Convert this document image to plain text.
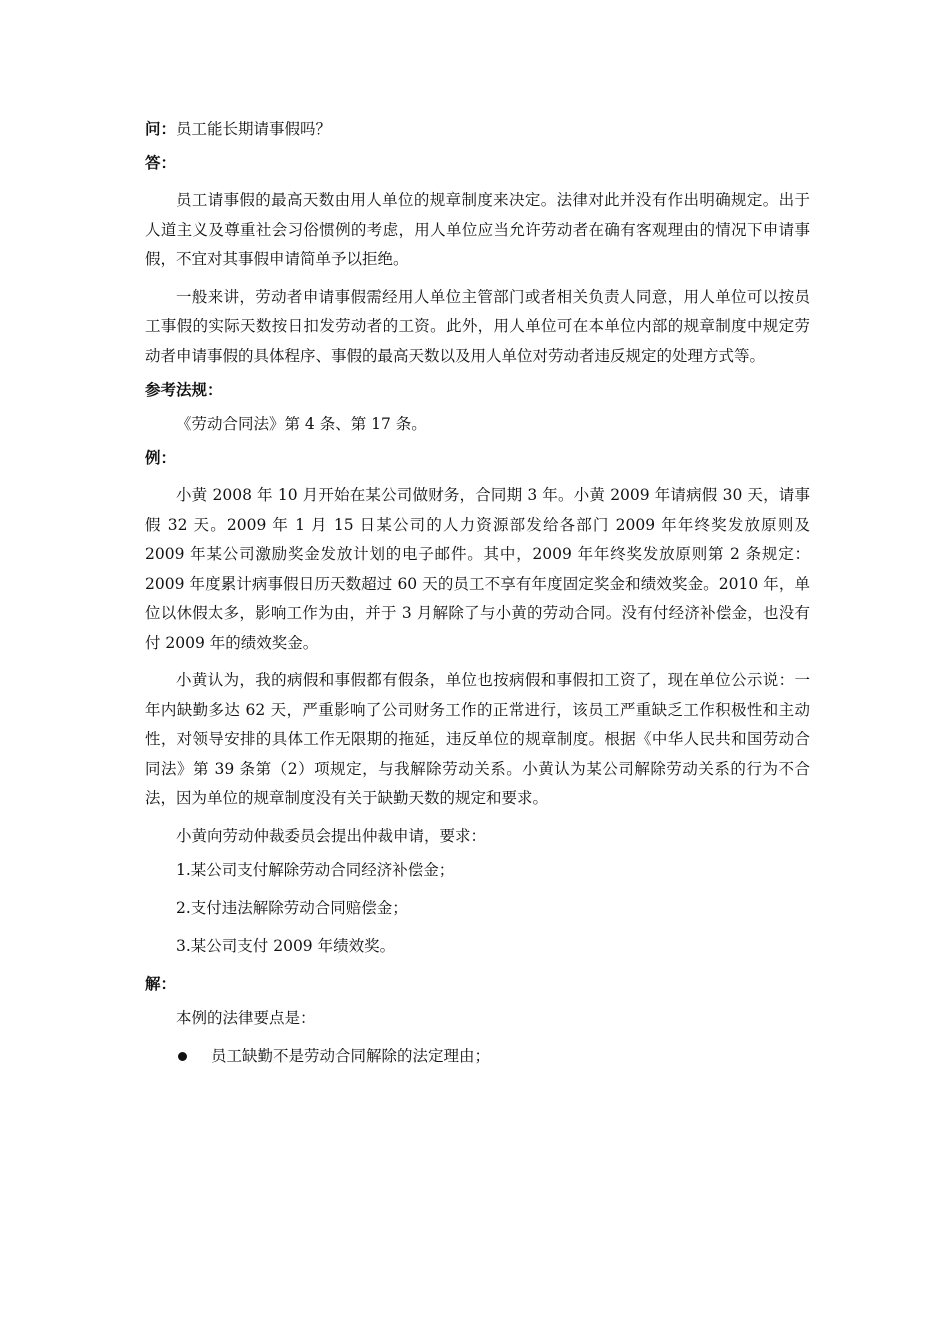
问：员工能长期请事假吗？
答：

员工请事假的最高天数由用人单位的规章制度来决定。法律对此并没有作出明确规定。出于人道主义及尊重社会习俗惯例的考虑，用人单位应当允许劳动者在确有客观理由的情况下申请事假，不宜对其事假申请简单予以拒绝。

一般来讲，劳动者申请事假需经用人单位主管部门或者相关负责人同意，用人单位可以按员工事假的实际天数按日扣发劳动者的工资。此外，用人单位可在本单位内部的规章制度中规定劳动者申请事假的具体程序、事假的最高天数以及用人单位对劳动者违反规定的处理方式等。

参考法规：
《劳动合同法》第 4 条、第 17 条。
例：

小黄 2008 年 10 月开始在某公司做财务，合同期 3 年。小黄 2009 年请病假 30 天，请事假 32 天。2009 年 1 月 15 日某公司的人力资源部发给各部门 2009 年年终奖发放原则及 2009 年某公司激励奖金发放计划的电子邮件。其中，2009 年年终奖发放原则第 2 条规定：2009 年度累计病事假日历天数超过 60 天的员工不享有年度固定奖金和绩效奖金。2010 年，单位以休假太多，影响工作为由，并于 3 月解除了与小黄的劳动合同。没有付经济补偿金，也没有付 2009 年的绩效奖金。

小黄认为，我的病假和事假都有假条，单位也按病假和事假扣工资了，现在单位公示说：一年内缺勤多达 62 天，严重影响了公司财务工作的正常进行，该员工严重缺乏工作积极性和主动性，对领导安排的具体工作无限期的拖延，违反单位的规章制度。根据《中华人民共和国劳动合同法》第 39 条第（2）项规定，与我解除劳动关系。小黄认为某公司解除劳动关系的行为不合法，因为单位的规章制度没有关于缺勤天数的规定和要求。

小黄向劳动仲裁委员会提出仲裁申请，要求：

1.某公司支付解除劳动合同经济补偿金；
2.支付违法解除劳动合同赔偿金；
3.某公司支付 2009 年绩效奖。
解：
本例的法律要点是：
员工缺勤不是劳动合同解除的法定理由；
